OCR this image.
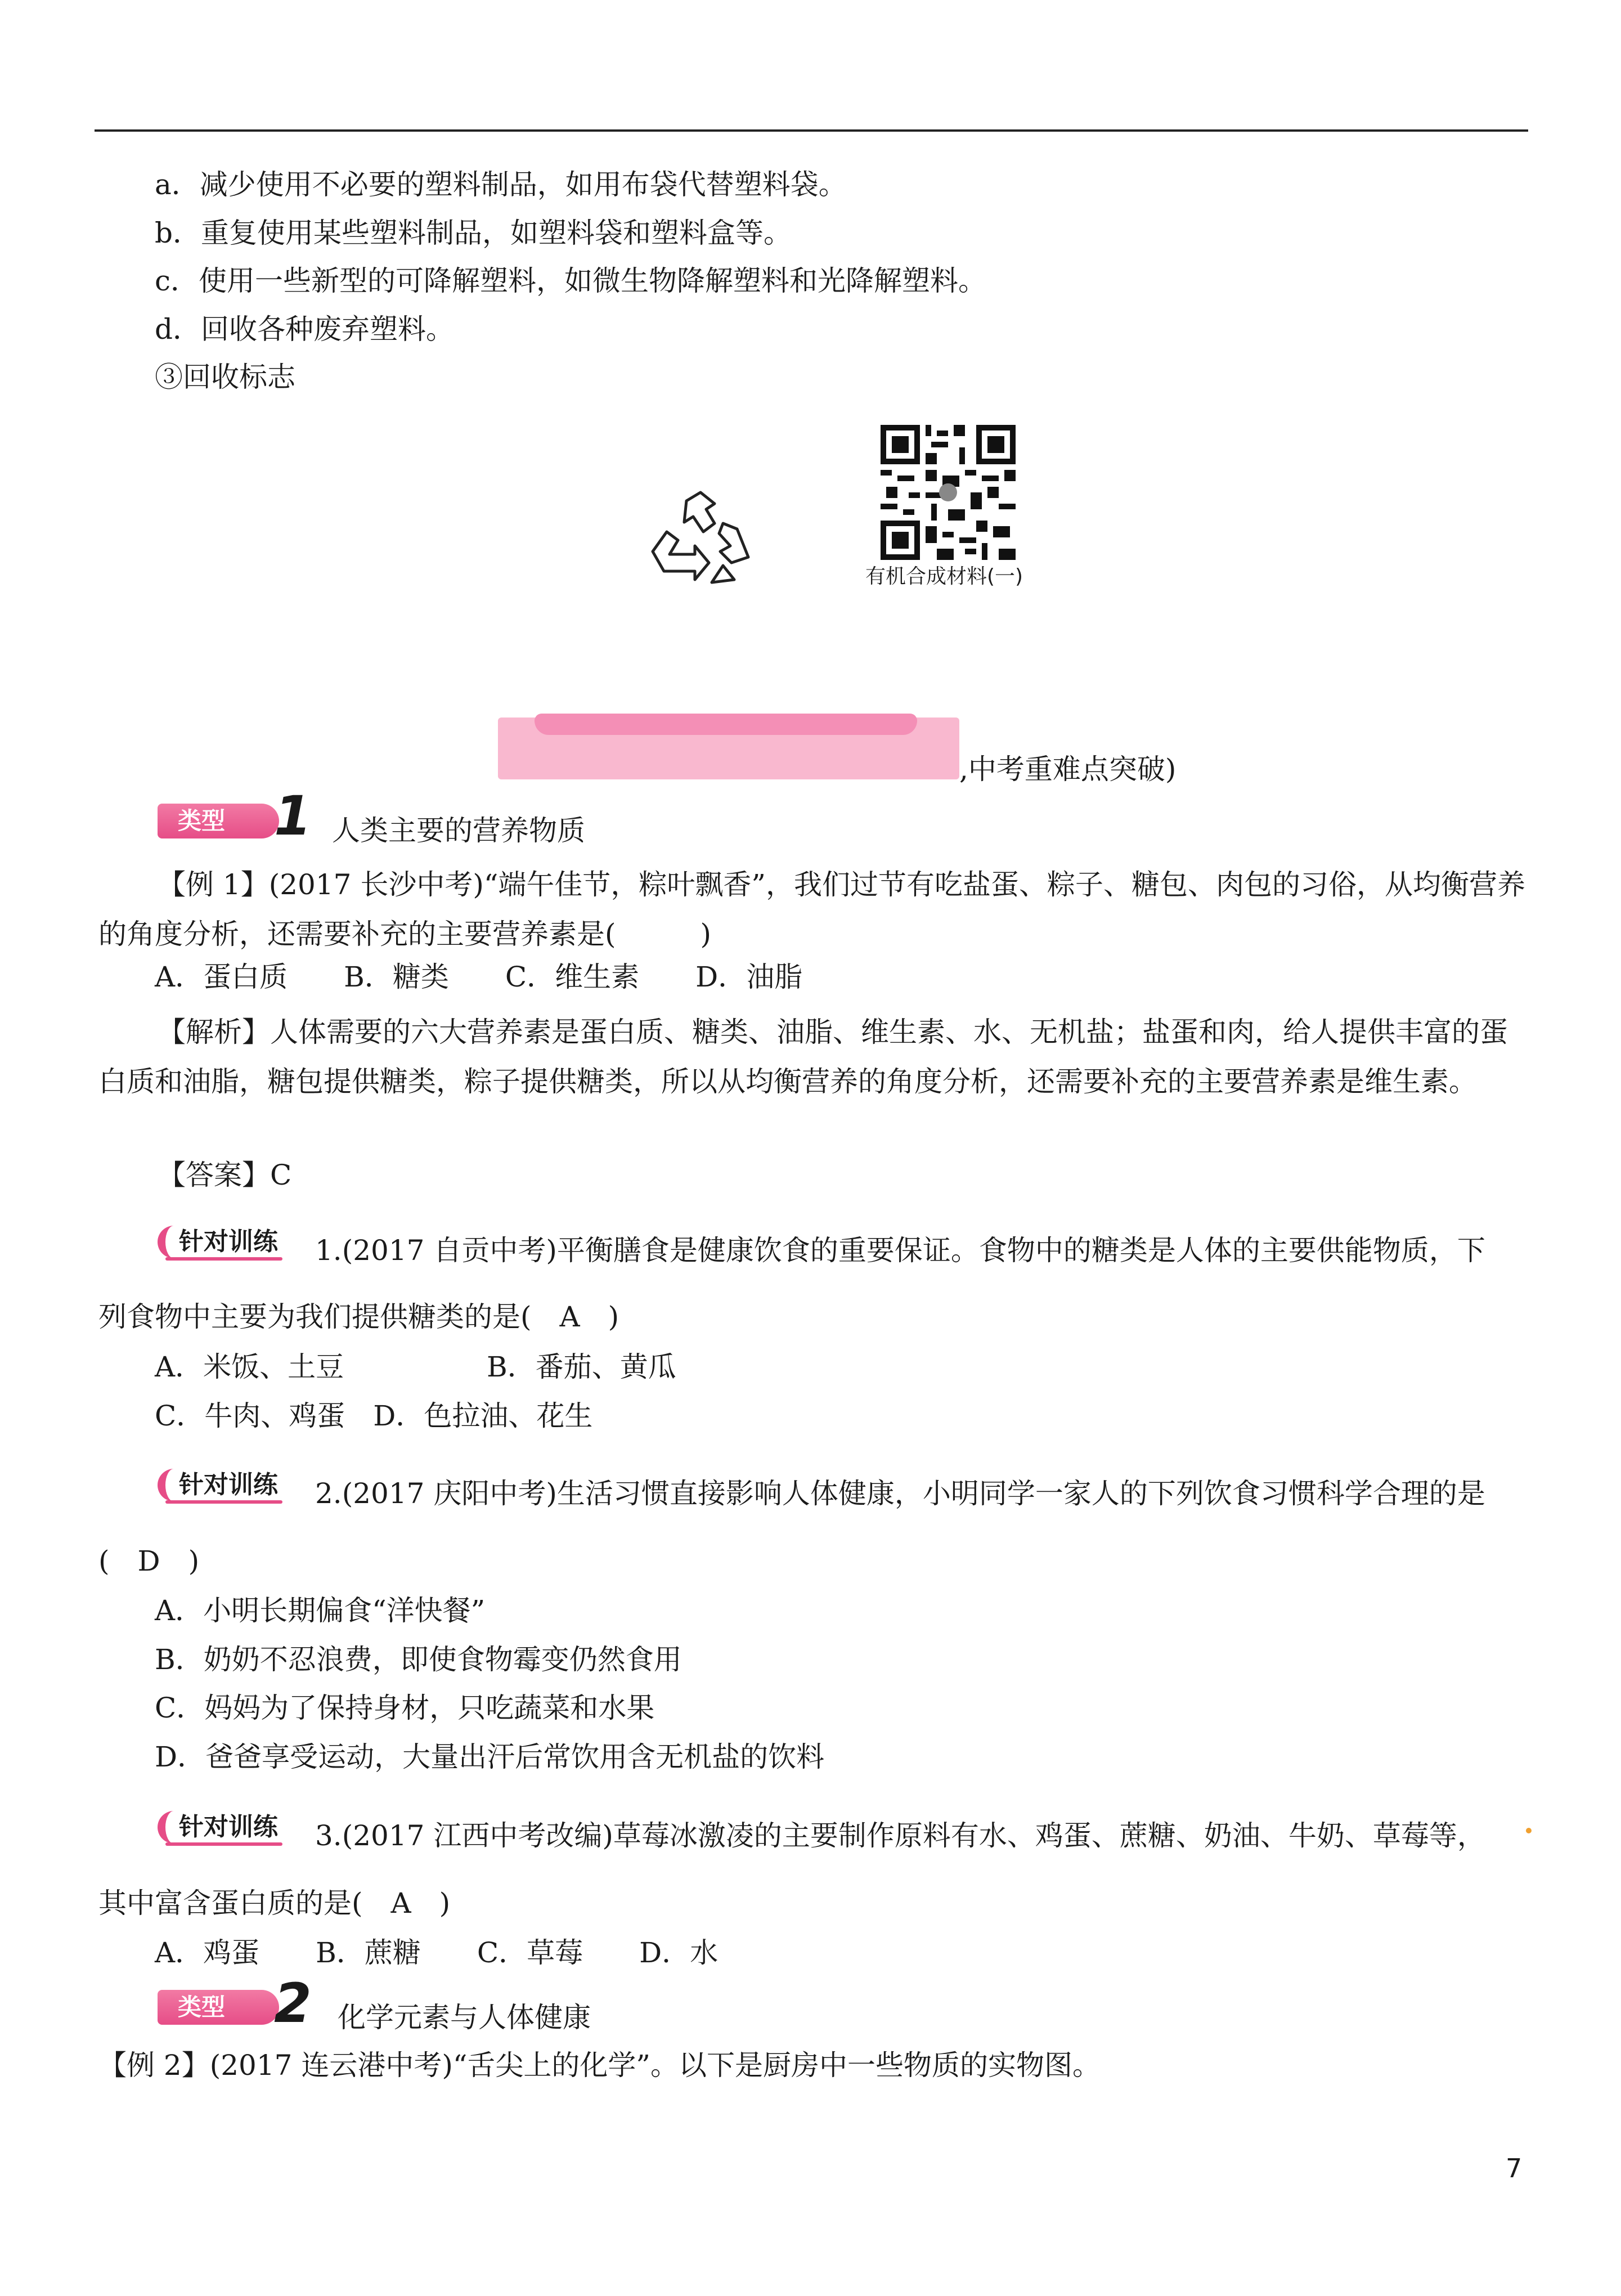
a．减少使用不必要的塑料制品，如用布袋代替塑料袋。
b．重复使用某些塑料制品，如塑料袋和塑料盒等。
c．使用一些新型的可降解塑料，如微生物降解塑料和光降解塑料。
d．回收各种废弃塑料。
③回收标志
有机合成材料(一)
,中考重难点突破)
类型 1 人类主要的营养物质
【例 1】(2017 长沙中考)“端午佳节，粽叶飘香”，我们过节有吃盐蛋、粽子、糖包、肉包的习俗，从均衡营养的角度分析，还需要补充的主要营养素是(　　　)
A．蛋白质　　B．糖类　　C．维生素　　D．油脂
【解析】人体需要的六大营养素是蛋白质、糖类、油脂、维生素、水、无机盐；盐蛋和肉，给人提供丰富的蛋白质和油脂，糖包提供糖类，粽子提供糖类，所以从均衡营养的角度分析，还需要补充的主要营养素是维生素。
【答案】C
针对训练 1.(2017 自贡中考)平衡膳食是健康饮食的重要保证。食物中的糖类是人体的主要供能物质，下
列食物中主要为我们提供糖类的是(　A　)
A．米饭、土豆	B．番茄、黄瓜
C．牛肉、鸡蛋　D．色拉油、花生
针对训练 2.(2017 庆阳中考)生活习惯直接影响人体健康，小明同学一家人的下列饮食习惯科学合理的是
(　D　)
A．小明长期偏食“洋快餐”
B．奶奶不忍浪费，即使食物霉变仍然食用
C．妈妈为了保持身材，只吃蔬菜和水果
D．爸爸享受运动，大量出汗后常饮用含无机盐的饮料
针对训练 3.(2017 江西中考改编)草莓冰激凌的主要制作原料有水、鸡蛋、蔗糖、奶油、牛奶、草莓等，
其中富含蛋白质的是(　A　)
A．鸡蛋　　B．蔗糖　　C．草莓　　D．水
类型 2 化学元素与人体健康
【例 2】(2017 连云港中考)“舌尖上的化学”。以下是厨房中一些物质的实物图。
7
